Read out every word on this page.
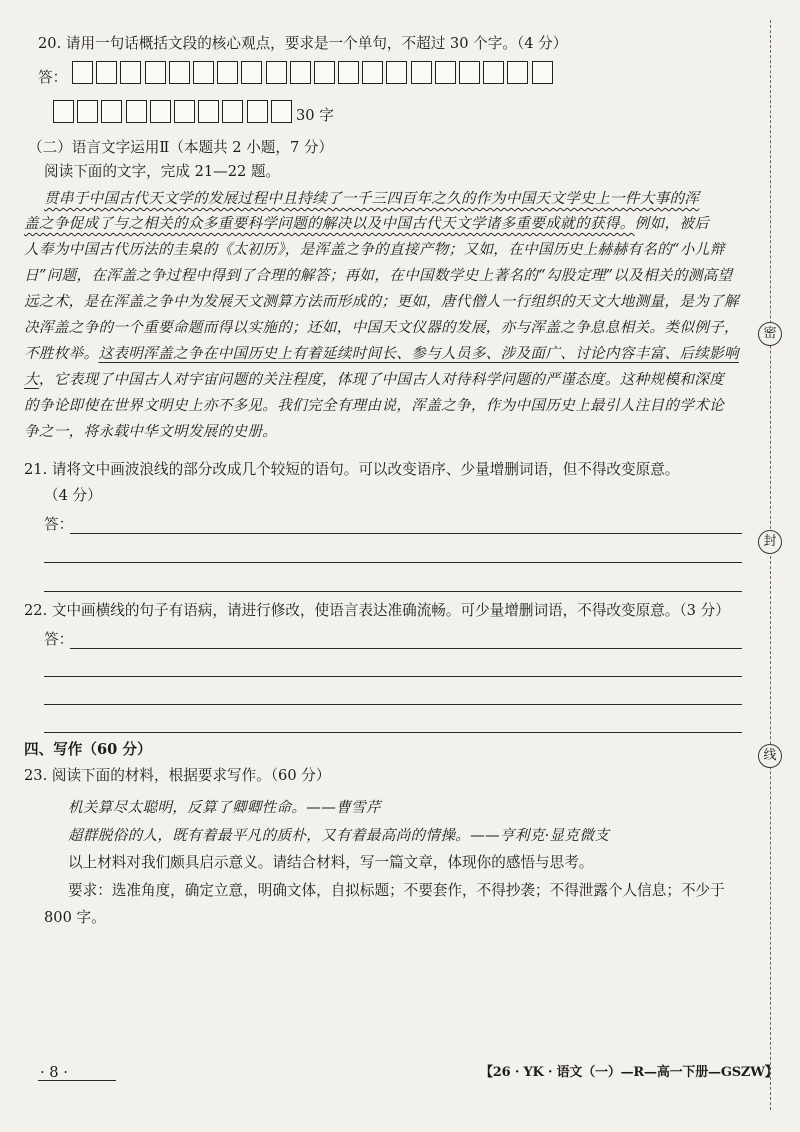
密
封
线
20. 请用一句话概括文段的核心观点，要求是一个单句，不超过 30 个字。（4 分）
答：
30 字
（二）语言文字运用Ⅱ（本题共 2 小题，7 分）
阅读下面的文字，完成 21—22 题。
贯串于中国古代天文学的发展过程中且持续了一千三四百年之久的作为中国天文学史上一件大事的浑
盖之争促成了与之相关的众多重要科学问题的解决以及中国古代天文学诸多重要成就的获得。例如，被后
人奉为中国古代历法的圭臬的《太初历》，是浑盖之争的直接产物；又如，在中国历史上赫赫有名的“小儿辩
日”问题，在浑盖之争过程中得到了合理的解答；再如，在中国数学史上著名的“勾股定理”以及相关的测高望
远之术，是在浑盖之争中为发展天文测算方法而形成的；更如，唐代僧人一行组织的天文大地测量，是为了解
决浑盖之争的一个重要命题而得以实施的；还如，中国天文仪器的发展，亦与浑盖之争息息相关。类似例子，
不胜枚举。这表明浑盖之争在中国历史上有着延续时间长、参与人员多、涉及面广、讨论内容丰富、后续影响
大，它表现了中国古人对宇宙问题的关注程度，体现了中国古人对待科学问题的严谨态度。这种规模和深度
的争论即使在世界文明史上亦不多见。我们完全有理由说，浑盖之争，作为中国历史上最引人注目的学术论
争之一，将永载中华文明发展的史册。
21. 请将文中画波浪线的部分改成几个较短的语句。可以改变语序、少量增删词语，但不得改变原意。
（4 分）
答：
22. 文中画横线的句子有语病，请进行修改，使语言表达准确流畅。可少量增删词语，不得改变原意。（3 分）
答：
四、写作（60 分）
23. 阅读下面的材料，根据要求写作。（60 分）
机关算尽太聪明，反算了卿卿性命。——曹雪芹
超群脱俗的人，既有着最平凡的质朴，又有着最高尚的情操。——亨利克·显克微支
以上材料对我们颇具启示意义。请结合材料，写一篇文章，体现你的感悟与思考。
要求：选准角度，确定立意，明确文体，自拟标题；不要套作，不得抄袭；不得泄露个人信息；不少于
800 字。
· 8 ·	【26 · YK · 语文（一）—R—高一下册—GSZW】
